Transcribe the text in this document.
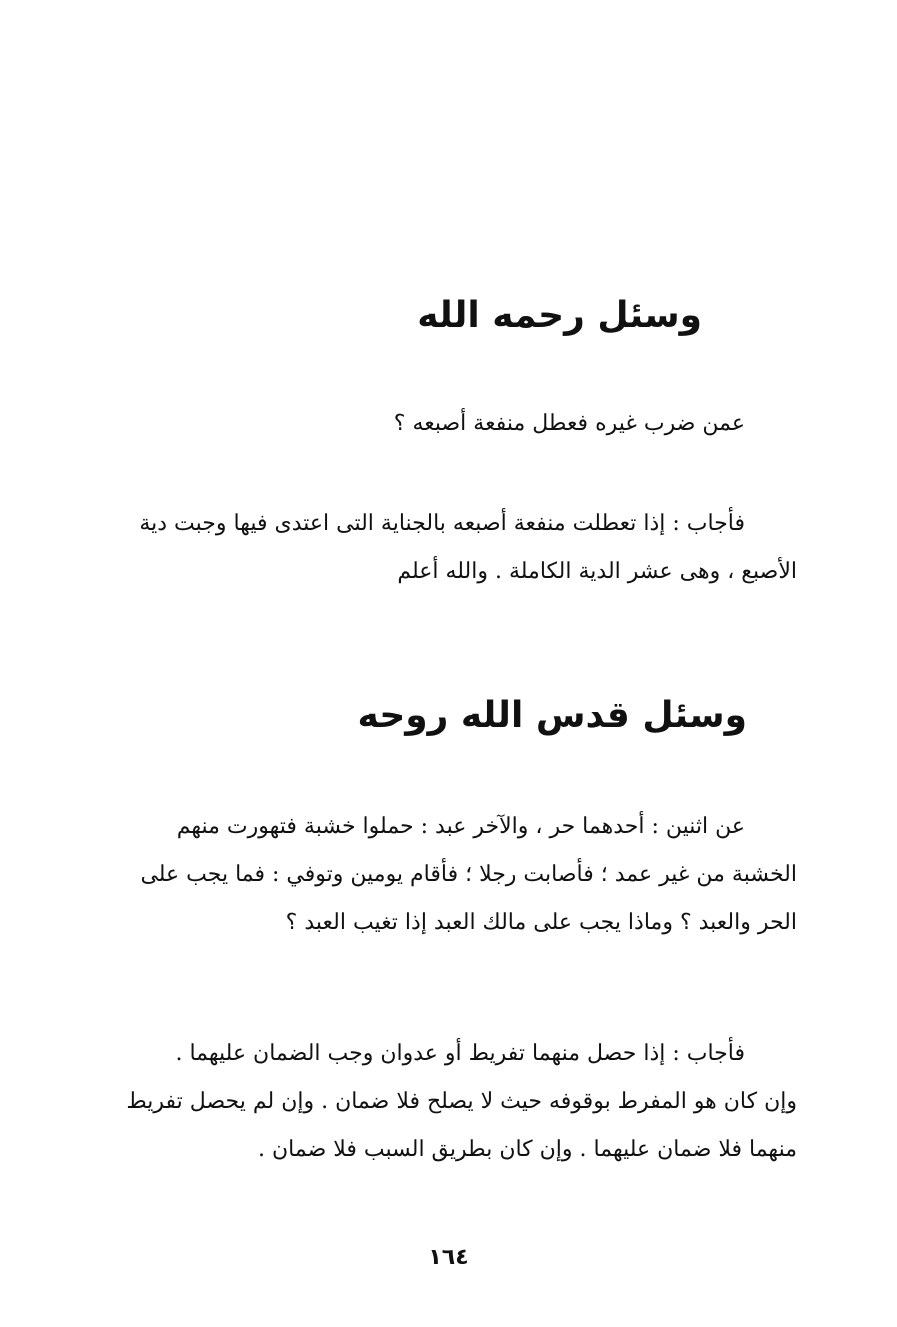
وسئل رحمه الله

عمن ضرب غيره فعطل منفعة أصبعه ؟

فأجاب : إذا تعطلت منفعة أصبعه بالجناية التى اعتدى فيها وجبت دية
الأصبع ، وهى عشر الدية الكاملة . والله أعلم

وسئل قدس الله روحه

عن اثنين : أحدهما حر ، والآخر عبد : حملوا خشبة فتهورت منهم
الخشبة من غير عمد ؛ فأصابت رجلا ؛ فأقام يومين وتوفي : فما يجب على
الحر والعبد ؟ وماذا يجب على مالك العبد إذا تغيب العبد ؟

فأجاب : إذا حصل منهما تفريط أو عدوان وجب الضمان عليهما .
وإن كان هو المفرط بوقوفه حيث لا يصلح فلا ضمان . وإن لم يحصل تفريط
منهما فلا ضمان عليهما . وإن كان بطريق السبب فلا ضمان .

١٦٤
